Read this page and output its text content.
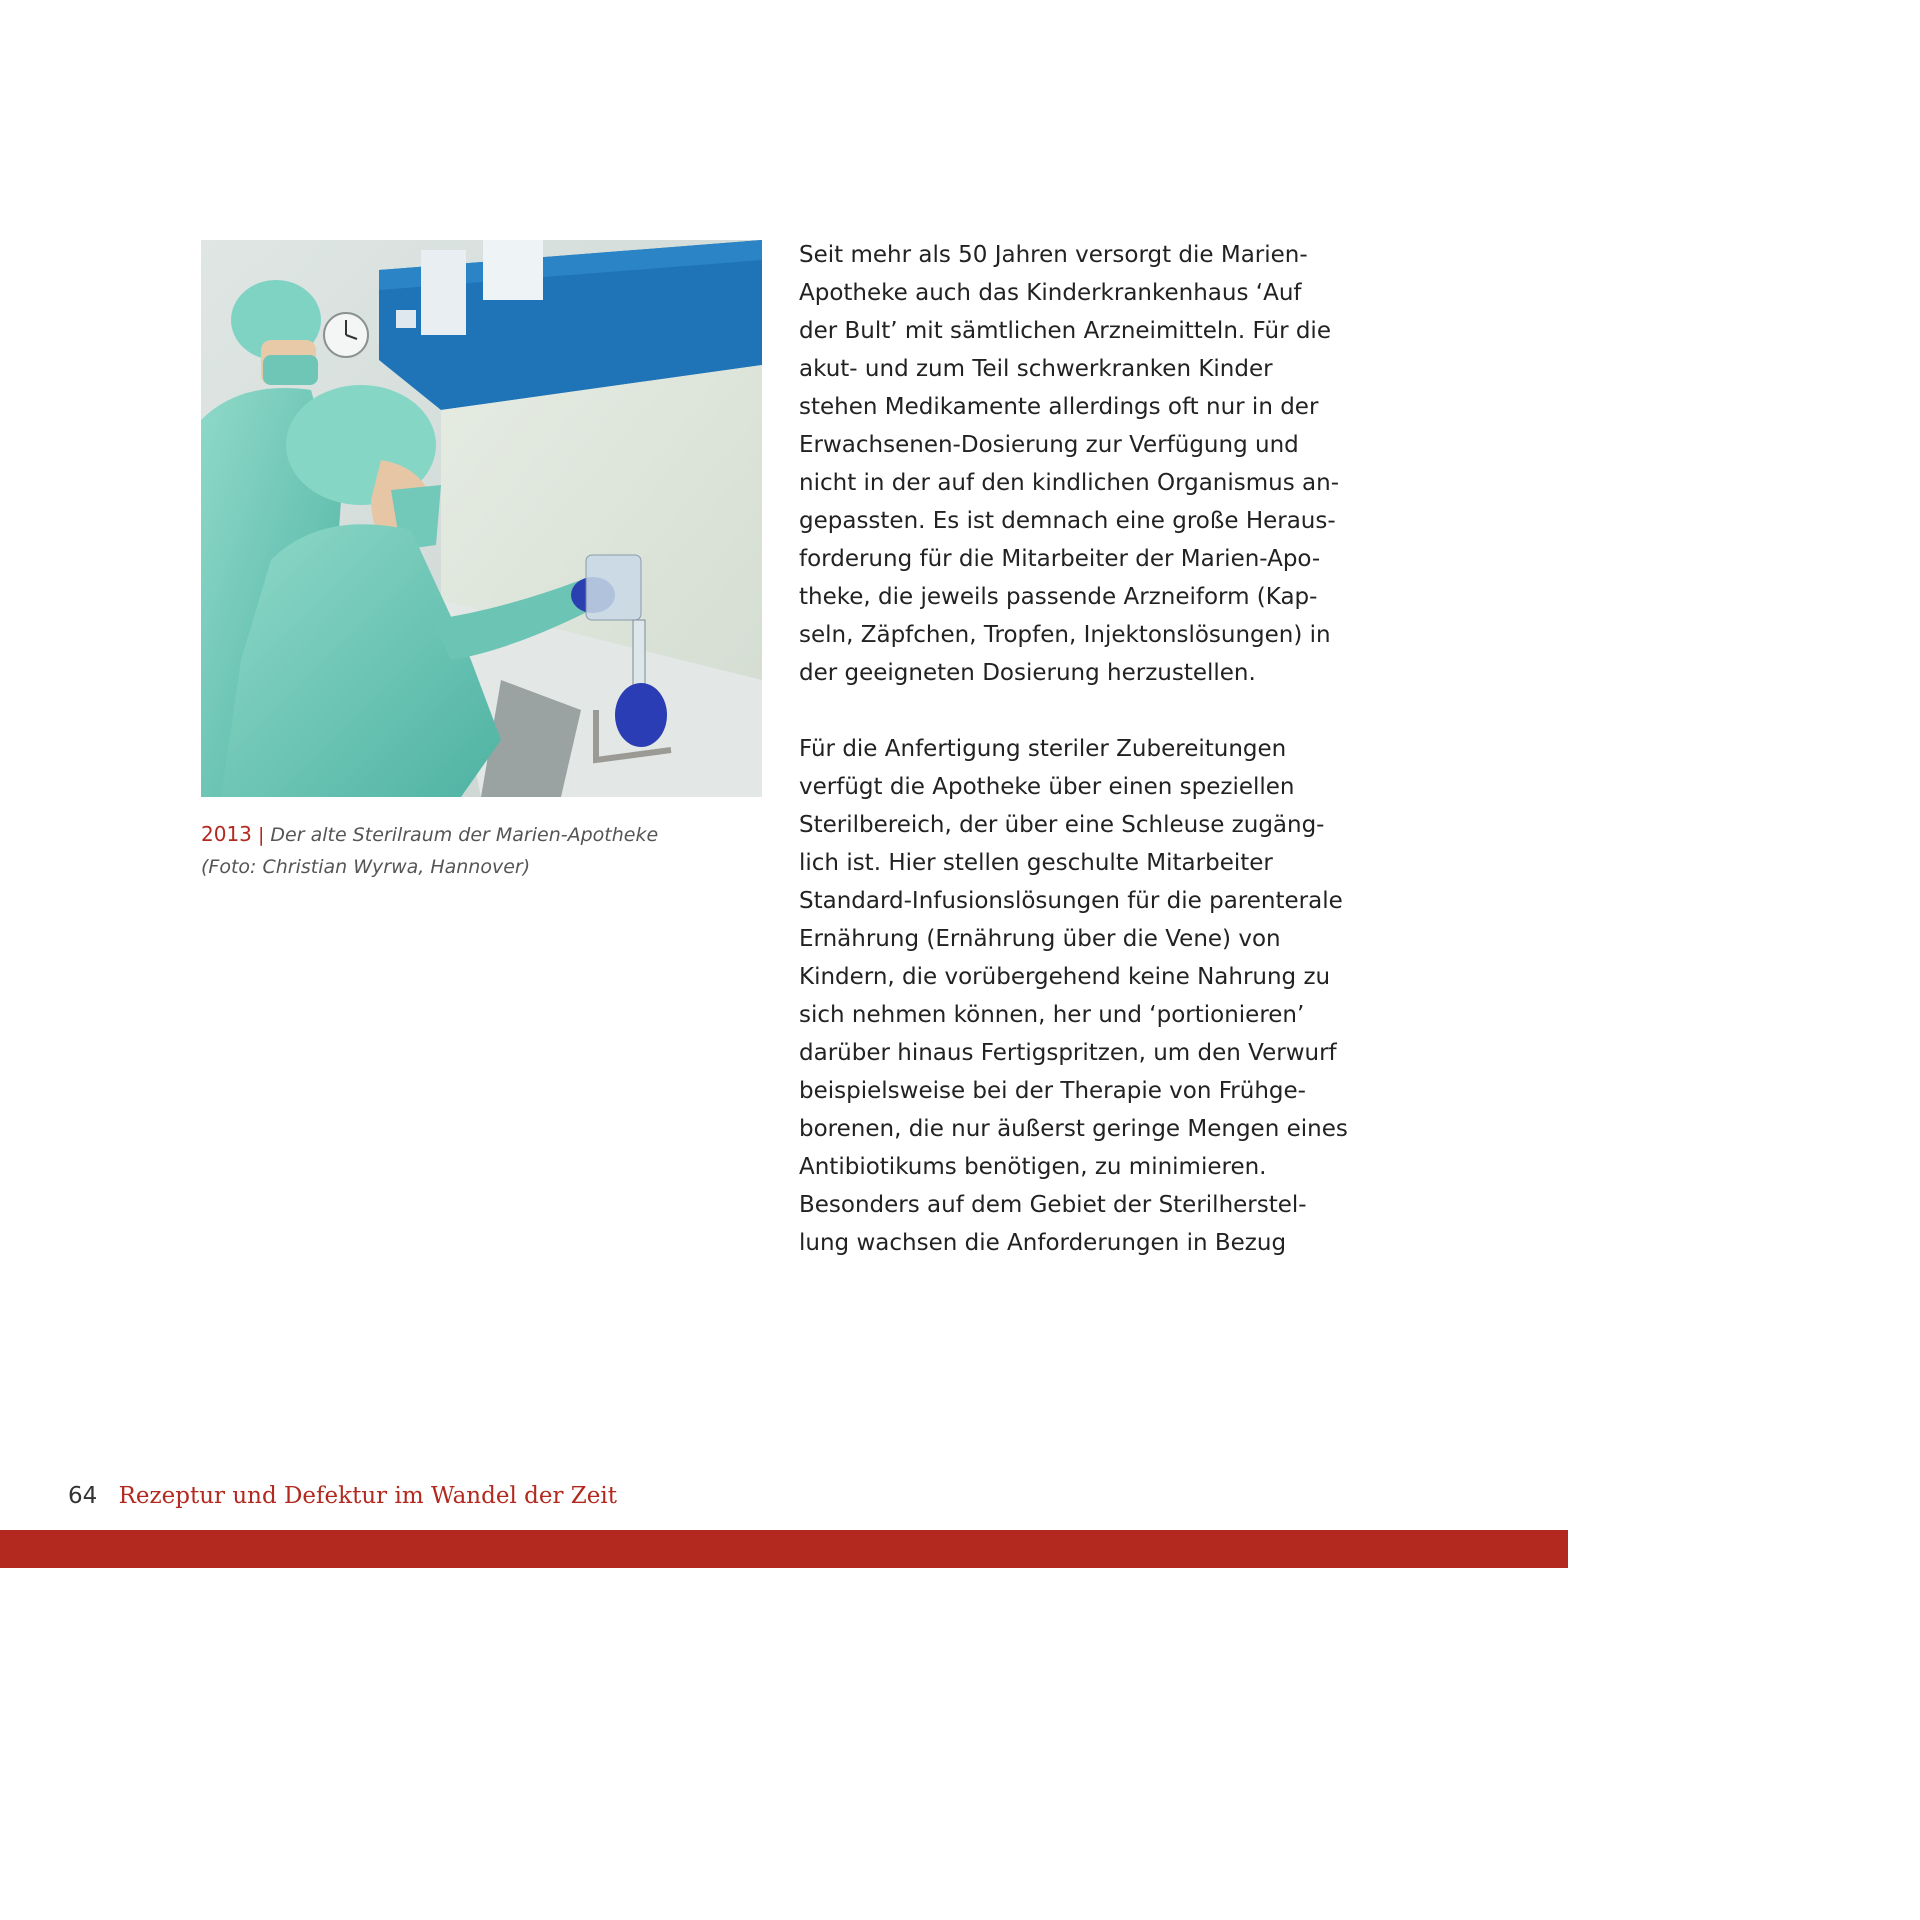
2013 | Der alte Sterilraum der Marien-Apotheke
(Foto: Christian Wyrwa, Hannover)
Seit mehr als 50 Jahren versorgt die Marien-
Apotheke auch das Kinderkrankenhaus ‘Auf
der Bult’ mit sämtlichen Arzneimitteln. Für die
akut- und zum Teil schwerkranken Kinder
stehen Medikamente allerdings oft nur in der
Erwachsenen-Dosierung zur Verfügung und
nicht in der auf den kindlichen Organismus an-
gepassten. Es ist demnach eine große Heraus-
forderung für die Mitarbeiter der Marien-Apo-
theke, die jeweils passende Arzneiform (Kap-
seln, Zäpfchen, Tropfen, Injektonslösungen) in
der geeigneten Dosierung herzustellen.
Für die Anfertigung steriler Zubereitungen
verfügt die Apotheke über einen speziellen
Sterilbereich, der über eine Schleuse zugäng-
lich ist. Hier stellen geschulte Mitarbeiter
Standard-Infusionslösungen für die parenterale
Ernährung (Ernährung über die Vene) von
Kindern, die vorübergehend keine Nahrung zu
sich nehmen können, her und ‘portionieren’
darüber hinaus Fertigspritzen, um den Verwurf
beispielsweise bei der Therapie von Frühge-
borenen, die nur äußerst geringe Mengen eines
Antibiotikums benötigen, zu minimieren.
Besonders auf dem Gebiet der Sterilherstel-
lung wachsen die Anforderungen in Bezug
64 Rezeptur und Defektur im Wandel der Zeit
